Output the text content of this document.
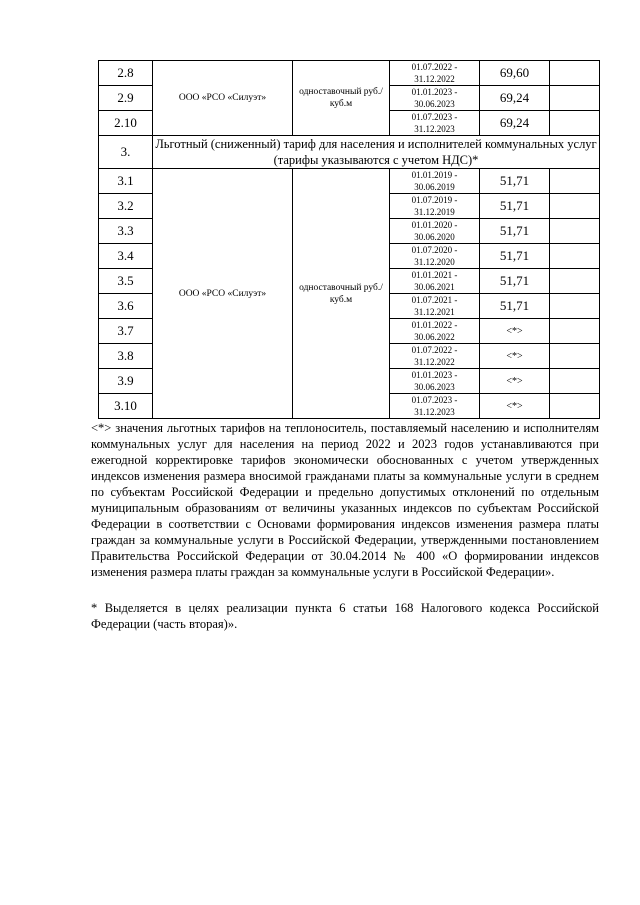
2.8	ООО «РСО «Силуэт»	одноставочный руб./куб.м	01.07.2022 -
31.12.2022	69,60	
2.9			01.01.2023 -
30.06.2023	69,24	
2.10			01.07.2023 -
31.12.2023	69,24	
3.	Льготный (сниженный) тариф для населения и исполнителей коммунальных услуг (тарифы указываются с учетом НДС)*				
3.1	ООО «РСО «Силуэт»	одноставочный руб./куб.м	01.01.2019 -
30.06.2019	51,71	
3.2			01.07.2019 -
31.12.2019	51,71	
3.3			01.01.2020 -
30.06.2020	51,71	
3.4			01.07.2020 -
31.12.2020	51,71	
3.5			01.01.2021 -
30.06.2021	51,71	
3.6			01.07.2021 -
31.12.2021	51,71	
3.7			01.01.2022 -
30.06.2022	<*>	
3.8			01.07.2022 -
31.12.2022	<*>	
3.9			01.01.2023 -
30.06.2023	<*>	
3.10			01.07.2023 -
31.12.2023	<*>	

<*> значения льготных тарифов на теплоноситель, поставляемый населению и исполнителям коммунальных услуг для населения на период 2022 и 2023 годов устанавливаются при ежегодной корректировке тарифов экономически обоснованных с учетом утвержденных индексов изменения размера вносимой гражданами платы за коммунальные услуги в среднем по субъектам Российской Федерации и предельно допустимых отклонений по отдельным муниципальным образованиям от величины указанных индексов по субъектам Российской Федерации в соответствии с Основами формирования индексов изменения размера платы граждан за коммунальные услуги в Российской Федерации, утвержденными постановлением Правительства Российской Федерации от 30.04.2014 № 400 «О формировании индексов изменения размера платы граждан за коммунальные услуги в Российской Федерации».

* Выделяется в целях реализации пункта 6 статьи 168 Налогового кодекса Российской Федерации (часть вторая)».
